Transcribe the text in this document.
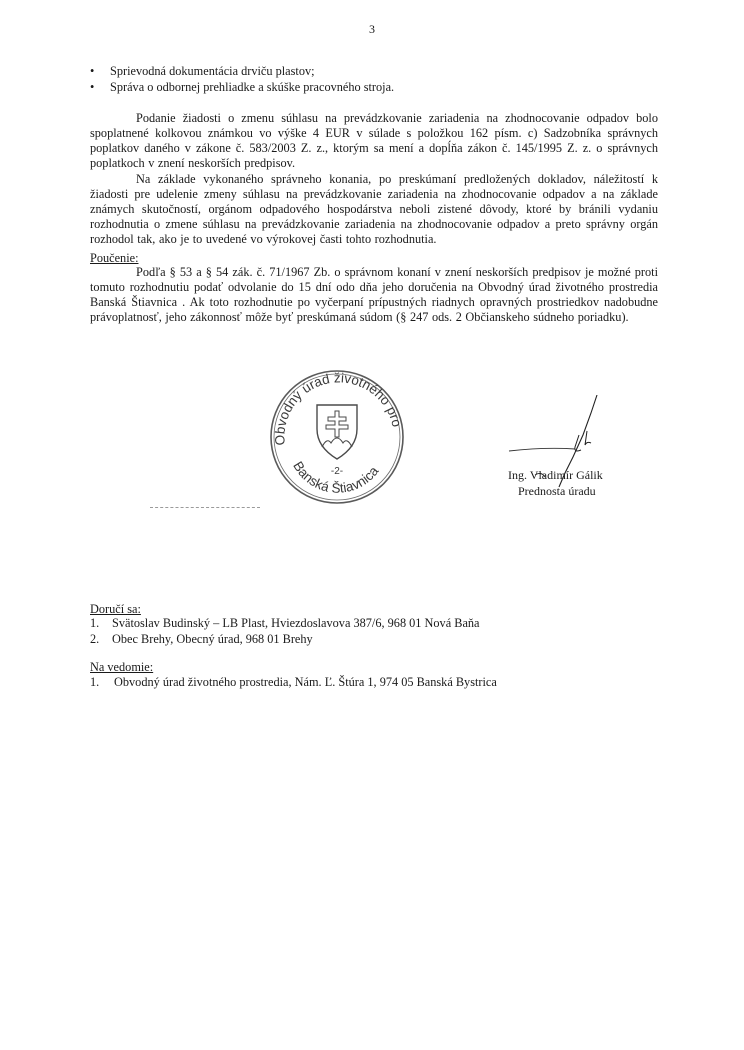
3
• Sprievodná dokumentácia drviču plastov;
• Správa o odbornej prehliadke a skúške pracovného stroja.

Podanie žiadosti o zmenu súhlasu na prevádzkovanie zariadenia na zhodnocovanie odpadov bolo spoplatnené kolkovou známkou vo výške 4 EUR v súlade s položkou 162 písm. c) Sadzobníka správnych poplatkov daného v zákone č. 583/2003 Z. z., ktorým sa mení a dopĺňa zákon č. 145/1995 Z. z. o správnych poplatkoch v znení neskorších predpisov.

Na základe vykonaného správneho konania, po preskúmaní predložených dokladov, náležitostí k žiadosti pre udelenie zmeny súhlasu na prevádzkovanie zariadenia na zhodnocovanie odpadov a na základe známych skutočností, orgánom odpadového hospodárstva neboli zistené dôvody, ktoré by bránili vydaniu rozhodnutia o zmene súhlasu na prevádzkovanie zariadenia na zhodnocovanie odpadov a preto správny orgán rozhodol tak, ako je to uvedené vo výrokovej časti tohto rozhodnutia.

Poučenie:

Podľa § 53 a § 54 zák. č. 71/1967 Zb. o správnom konaní v znení neskorších predpisov je možné proti tomuto rozhodnutiu podať odvolanie do 15 dní odo dňa jeho doručenia na Obvodný úrad životného prostredia Banská Štiavnica . Ak toto rozhodnutie po vyčerpaní prípustných riadnych opravných prostriedkov nadobudne právoplatnosť, jeho zákonnosť môže byť preskúmaná súdom (§ 247 ods. 2 Občianskeho súdneho poriadku).

Obvodný úrad životného pro
Banská Štiavnica
-2-	Ing. Vladimír Gálik
Prednosta úradu

Doručí sa:

1. Svätoslav Budinský – LB Plast, Hviezdoslavova 387/6, 968 01 Nová Baňa
2. Obec Brehy, Obecný úrad, 968 01 Brehy

Na vedomie:

1. Obvodný úrad životného prostredia, Nám. Ľ. Štúra 1, 974 05 Banská Bystrica
